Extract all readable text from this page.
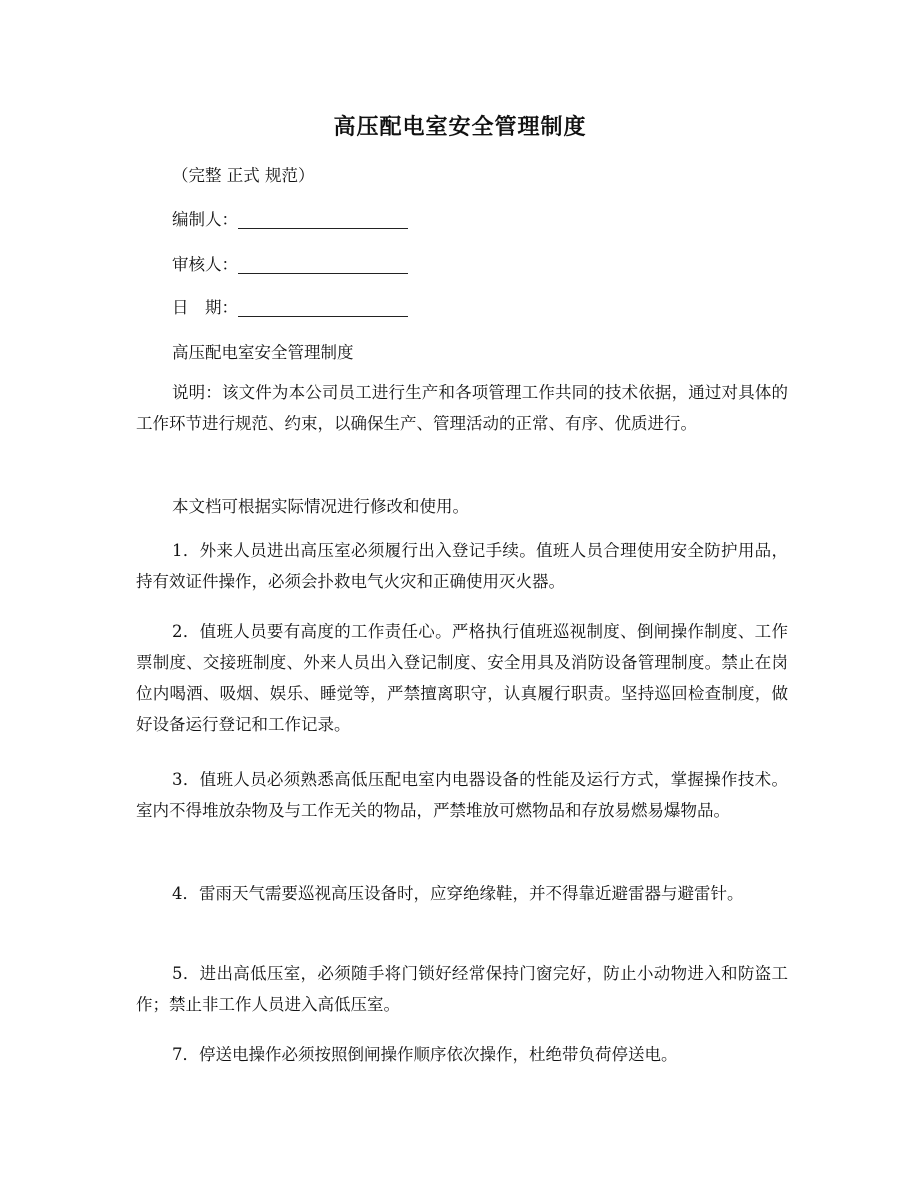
高压配电室安全管理制度
（完整 正式 规范）
编制人：
审核人：
日　期：
高压配电室安全管理制度
说明：该文件为本公司员工进行生产和各项管理工作共同的技术依据，通过对具体的工作环节进行规范、约束，以确保生产、管理活动的正常、有序、优质进行。
本文档可根据实际情况进行修改和使用。
1．外来人员进出高压室必须履行出入登记手续。值班人员合理使用安全防护用品，持有效证件操作，必须会扑救电气火灾和正确使用灭火器。
2．值班人员要有高度的工作责任心。严格执行值班巡视制度、倒闸操作制度、工作票制度、交接班制度、外来人员出入登记制度、安全用具及消防设备管理制度。禁止在岗位内喝酒、吸烟、娱乐、睡觉等，严禁擅离职守，认真履行职责。坚持巡回检查制度，做好设备运行登记和工作记录。
3．值班人员必须熟悉高低压配电室内电器设备的性能及运行方式，掌握操作技术。室内不得堆放杂物及与工作无关的物品，严禁堆放可燃物品和存放易燃易爆物品。
4．雷雨天气需要巡视高压设备时，应穿绝缘鞋，并不得靠近避雷器与避雷针。
5．进出高低压室，必须随手将门锁好经常保持门窗完好，防止小动物进入和防盗工作；禁止非工作人员进入高低压室。
7．停送电操作必须按照倒闸操作顺序依次操作，杜绝带负荷停送电。
